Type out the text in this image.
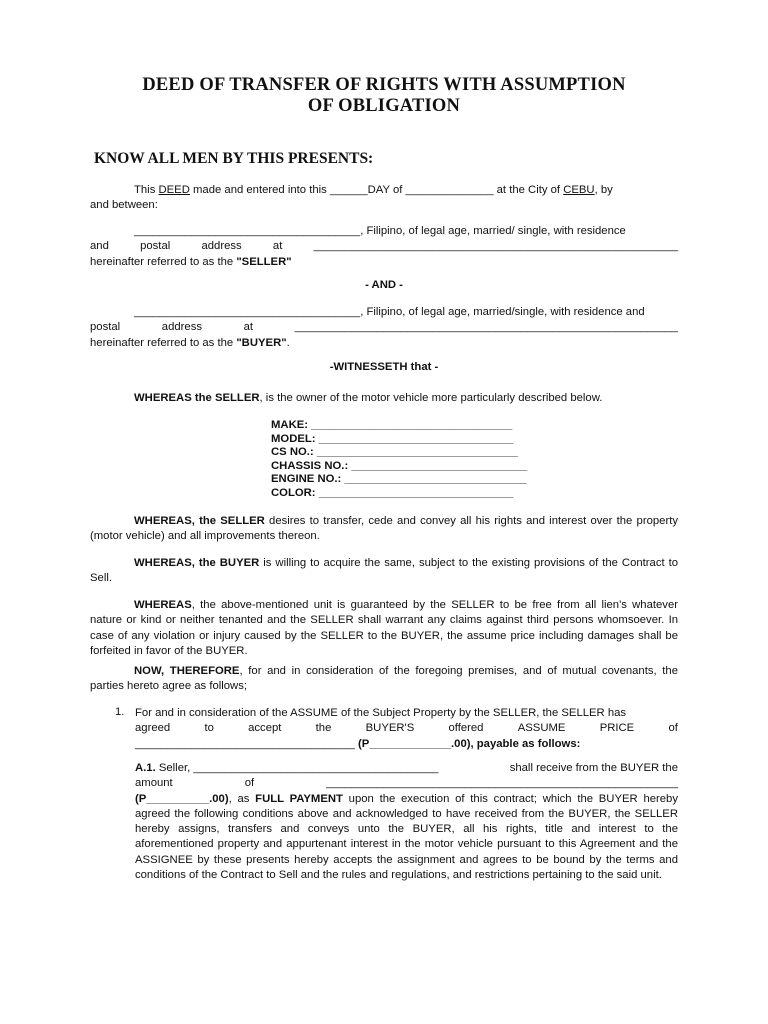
DEED OF TRANSFER OF RIGHTS WITH ASSUMPTION
OF OBLIGATION
KNOW ALL MEN BY THIS PRESENTS:

This DEED made and entered into this ______DAY of ______________ at the City of CEBU, by

and between:

____________________________________, Filipino, of legal age, married/ single, with residence

and	postal	address	at	__________________________________________________________

hereinafter referred to as the "SELLER"

- AND -

____________________________________, Filipino, of legal age, married/single, with residence and

postal	address	at	_____________________________________________________________

hereinafter referred to as the "BUYER".

-WITNESSETH that -

WHEREAS the SELLER, is the owner of the motor vehicle more particularly described below.

MAKE: ________________________________
MODEL: _______________________________
CS NO.: ________________________________
CHASSIS NO.: ____________________________
ENGINE NO.: _____________________________
COLOR: _______________________________

WHEREAS, the SELLER desires to transfer, cede and convey all his rights and interest over the property (motor vehicle) and all improvements thereon.

WHEREAS, the BUYER is willing to acquire the same, subject to the existing provisions of the Contract to Sell.

WHEREAS, the above-mentioned unit is guaranteed by the SELLER to be free from all lien's whatever nature or kind or neither tenanted and the SELLER shall warrant any claims against third persons whomsoever. In case of any violation or injury caused by the SELLER to the BUYER, the assume price including damages shall be forfeited in favor of the BUYER.

NOW, THEREFORE, for and in consideration of the foregoing premises, and of mutual covenants, the parties hereto agree as follows;

1. For and in consideration of the ASSUME of the Subject Property by the SELLER, the SELLER has

agreed	to	accept	the	BUYER'S	offered	ASSUME	PRICE	of

___________________________________ (P_____________.00), payable as follows:

A.1. Seller, _______________________________________	shall receive from the BUYER the

amount	of	________________________________________________________

(P__________.00), as FULL PAYMENT upon the execution of this contract; which the BUYER hereby agreed the following conditions above and acknowledged to have received from the BUYER, the SELLER hereby assigns, transfers and conveys unto the BUYER, all his rights, title and interest to the aforementioned property and appurtenant interest in the motor vehicle pursuant to this Agreement and the ASSIGNEE by these presents hereby accepts the assignment and agrees to be bound by the terms and conditions of the Contract to Sell and the rules and regulations, and restrictions pertaining to the said unit.
